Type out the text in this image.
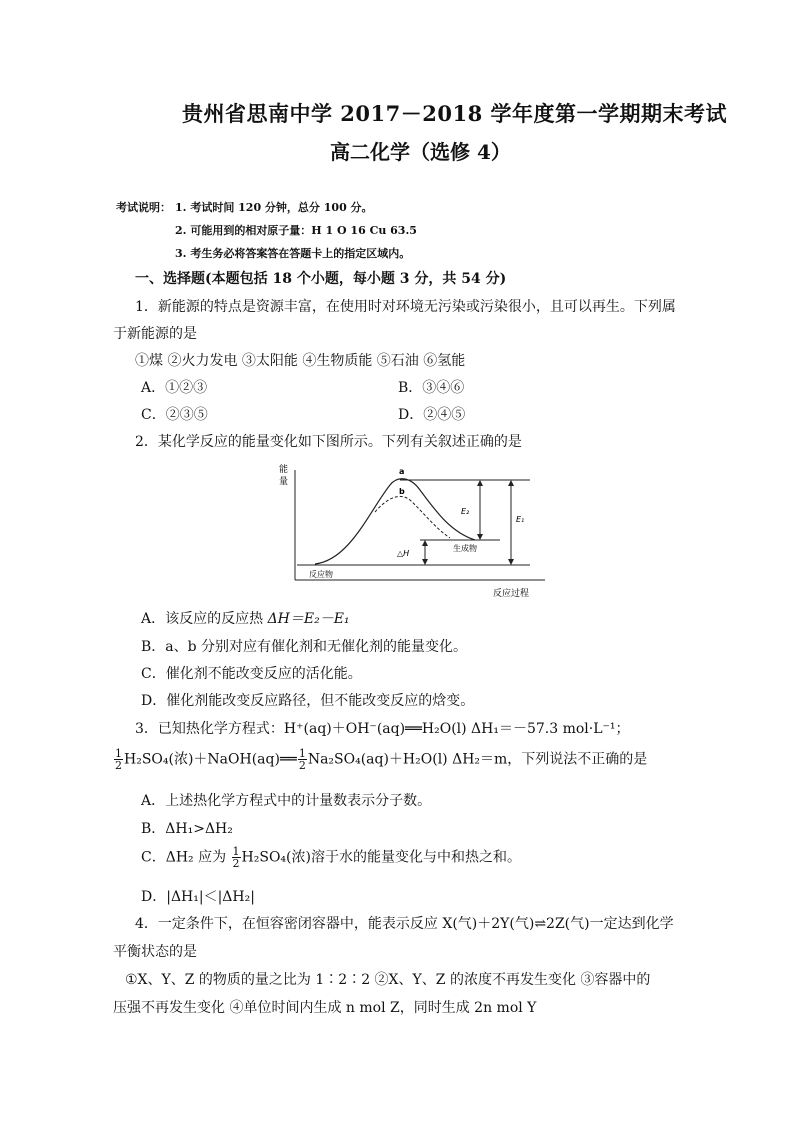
贵州省思南中学 2017－2018 学年度第一学期期末考试
高二化学（选修 4）
考试说明： 1. 考试时间 120 分钟，总分 100 分。
2. 可能用到的相对原子量：H 1 O 16 Cu 63.5
3. 考生务必将答案答在答题卡上的指定区域内。
一、选择题(本题包括 18 个小题，每小题 3 分，共 54 分)
1．新能源的特点是资源丰富，在使用时对环境无污染或污染很小，且可以再生。下列属
于新能源的是
①煤 ②火力发电 ③太阳能 ④生物质能 ⑤石油 ⑥氢能
A．①②③	B．③④⑥
C．②③⑤	D．②④⑤
2．某化学反应的能量变化如下图所示。下列有关叙述正确的是
能
量
反应过程
a
b
E₂
E₁
△H
生成物
反应物
A．该反应的反应热 ΔH＝E₂－E₁
B．a、b 分别对应有催化剂和无催化剂的能量变化。
C．催化剂不能改变反应的活化能。
D．催化剂能改变反应路径，但不能改变反应的焓变。
3．已知热化学方程式：H⁺(aq)＋OH⁻(aq)══H₂O(l) ΔH₁＝－57.3 mol·L⁻¹；
$\frac{1}{2} H_2SO_4$(浓)＋NaOH(aq)══ $\frac{1}{2} Na_2SO_4(aq)+H_2O(l)$ ΔH₂＝m，下列说法不正确的是
A．上述热化学方程式中的计量数表示分子数。
B．ΔH₁>ΔH₂
C．ΔH₂ 应为 $\frac{1}{2} H_2SO_4$(浓)溶于水的能量变化与中和热之和。
D．|ΔH₁|＜|ΔH₂|
4．一定条件下，在恒容密闭容器中，能表示反应 X(气)＋2Y(气)⇌2Z(气)一定达到化学
平衡状态的是
①X、Y、Z 的物质的量之比为 1∶2∶2 ②X、Y、Z 的浓度不再发生变化 ③容器中的
压强不再发生变化 ④单位时间内生成 n mol Z，同时生成 2n mol Y
